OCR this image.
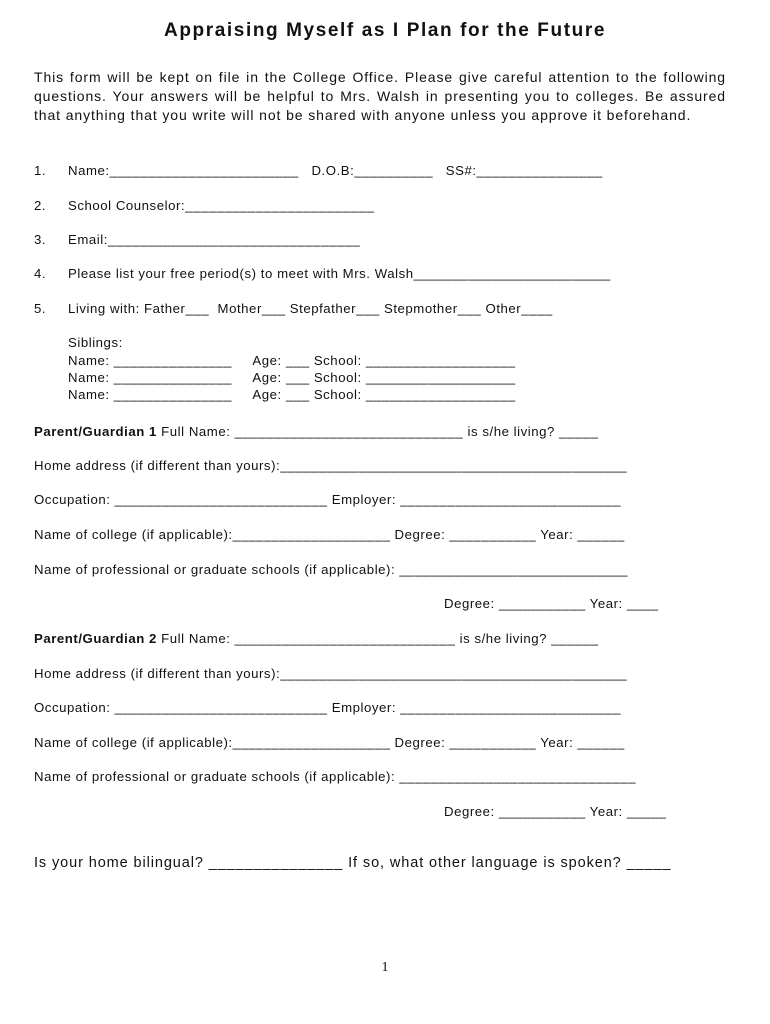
Appraising Myself as I Plan for the Future
This form will be kept on file in the College Office. Please give careful attention to the following questions. Your answers will be helpful to Mrs. Walsh in presenting you to colleges. Be assured that anything that you write will not be shared with anyone unless you approve it beforehand.
1. Name:________________________   D.O.B:__________   SS#:________________
2. School Counselor:________________________
3. Email:________________________________
4. Please list your free period(s) to meet with Mrs. Walsh_________________________
5. Living with: Father___  Mother___ Stepfather___ Stepmother___ Other____
Siblings:
Name: _______________     Age: ___ School: ___________________
Name: _______________     Age: ___ School: ___________________
Name: _______________     Age: ___ School: ___________________
Parent/Guardian 1 Full Name: _____________________________ is s/he living? _____
Home address (if different than yours):____________________________________________
Occupation: ___________________________ Employer: ____________________________
Name of college (if applicable):____________________ Degree: ___________ Year: ______
Name of professional or graduate schools (if applicable): _____________________________
Degree: ___________ Year: ____
Parent/Guardian 2 Full Name: ____________________________ is s/he living? ______
Home address (if different than yours):____________________________________________
Occupation: ___________________________ Employer: ____________________________
Name of college (if applicable):____________________ Degree: ___________ Year: ______
Name of professional or graduate schools (if applicable): ______________________________
Degree: ___________ Year: _____
Is your home bilingual? _______________ If so, what other language is spoken? _____
1
